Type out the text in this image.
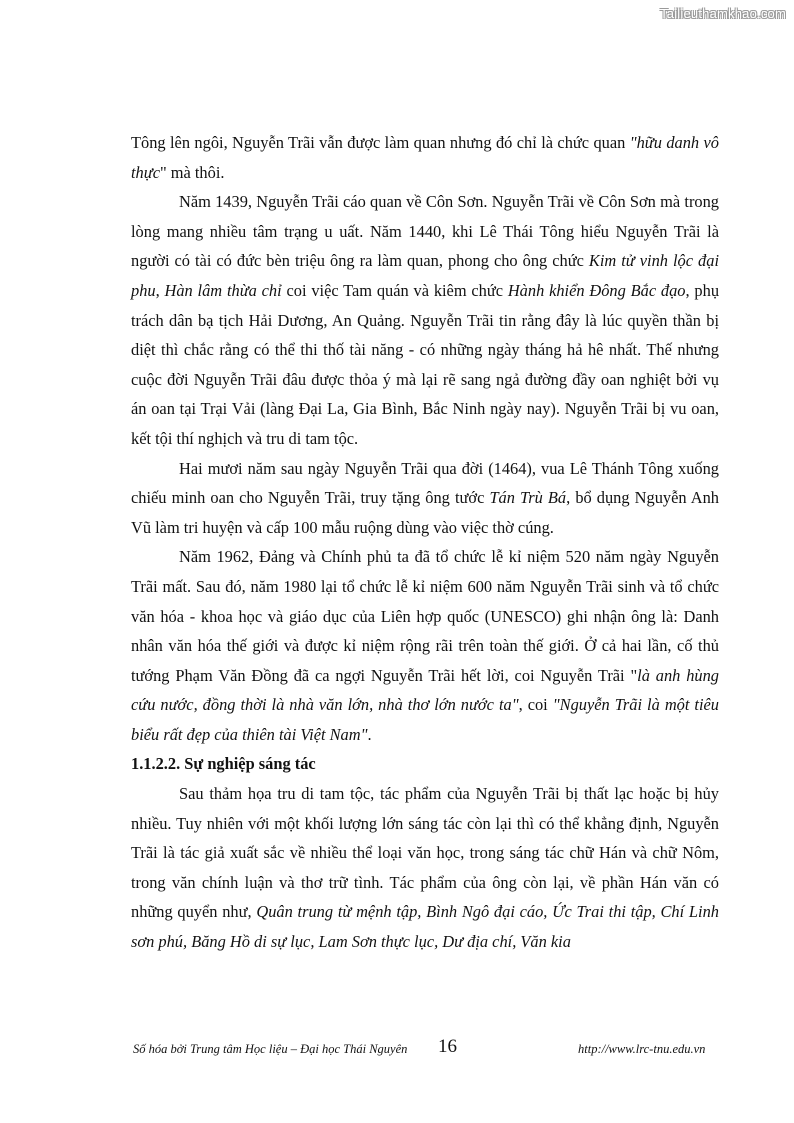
Tailieuthamkhao.com

Tông lên ngôi, Nguyễn Trãi vẫn được làm quan nhưng đó chỉ là chức quan "hữu danh vô thực" mà thôi.

Năm 1439, Nguyễn Trãi cáo quan về Côn Sơn. Nguyễn Trãi về Côn Sơn mà trong lòng mang nhiều tâm trạng u uất. Năm 1440, khi Lê Thái Tông hiểu Nguyễn Trãi là người có tài có đức bèn triệu ông ra làm quan, phong cho ông chức Kim tử vinh lộc đại phu, Hàn lâm thừa chỉ coi việc Tam quán và kiêm chức Hành khiển Đông Bắc đạo, phụ trách dân bạ tịch Hải Dương, An Quảng. Nguyễn Trãi tin rằng đây là lúc quyền thần bị diệt thì chắc rằng có thể thi thố tài năng - có những ngày tháng hả hê nhất. Thế nhưng cuộc đời Nguyễn Trãi đâu được thỏa ý mà lại rẽ sang ngả đường đầy oan nghiệt bởi vụ án oan tại Trại Vải (làng Đại La, Gia Bình, Bắc Ninh ngày nay). Nguyễn Trãi bị vu oan, kết tội thí nghịch và tru di tam tộc.

Hai mươi năm sau ngày Nguyễn Trãi qua đời (1464), vua Lê Thánh Tông xuống chiếu minh oan cho Nguyễn Trãi, truy tặng ông tước Tán Trù Bá, bổ dụng Nguyễn Anh Vũ làm tri huyện và cấp 100 mẫu ruộng dùng vào việc thờ cúng.

Năm 1962, Đảng và Chính phủ ta đã tổ chức lễ kỉ niệm 520 năm ngày Nguyễn Trãi mất. Sau đó, năm 1980 lại tổ chức lễ kỉ niệm 600 năm Nguyễn Trãi sinh và tổ chức văn hóa - khoa học và giáo dục của Liên hợp quốc (UNESCO) ghi nhận ông là: Danh nhân văn hóa thế giới và được kỉ niệm rộng rãi trên toàn thế giới. Ở cả hai lần, cố thủ tướng Phạm Văn Đồng đã ca ngợi Nguyễn Trãi hết lời, coi Nguyễn Trãi "là anh hùng cứu nước, đồng thời là nhà văn lớn, nhà thơ lớn nước ta", coi "Nguyễn Trãi là một tiêu biểu rất đẹp của thiên tài Việt Nam".

1.1.2.2. Sự nghiệp sáng tác

Sau thảm họa tru di tam tộc, tác phẩm của Nguyễn Trãi bị thất lạc hoặc bị hủy nhiều. Tuy nhiên với một khối lượng lớn sáng tác còn lại thì có thể khẳng định, Nguyễn Trãi là tác giả xuất sắc về nhiều thể loại văn học, trong sáng tác chữ Hán và chữ Nôm, trong văn chính luận và thơ trữ tình. Tác phẩm của ông còn lại, về phần Hán văn có những quyển như, Quân trung từ mệnh tập, Bình Ngô đại cáo, Ức Trai thi tập, Chí Linh sơn phú, Băng Hồ di sự lục, Lam Sơn thực lục, Dư địa chí, Văn kia

Số hóa bởi Trung tâm Học liệu – Đại học Thái Nguyên 16	http://www.lrc-tnu.edu.vn
